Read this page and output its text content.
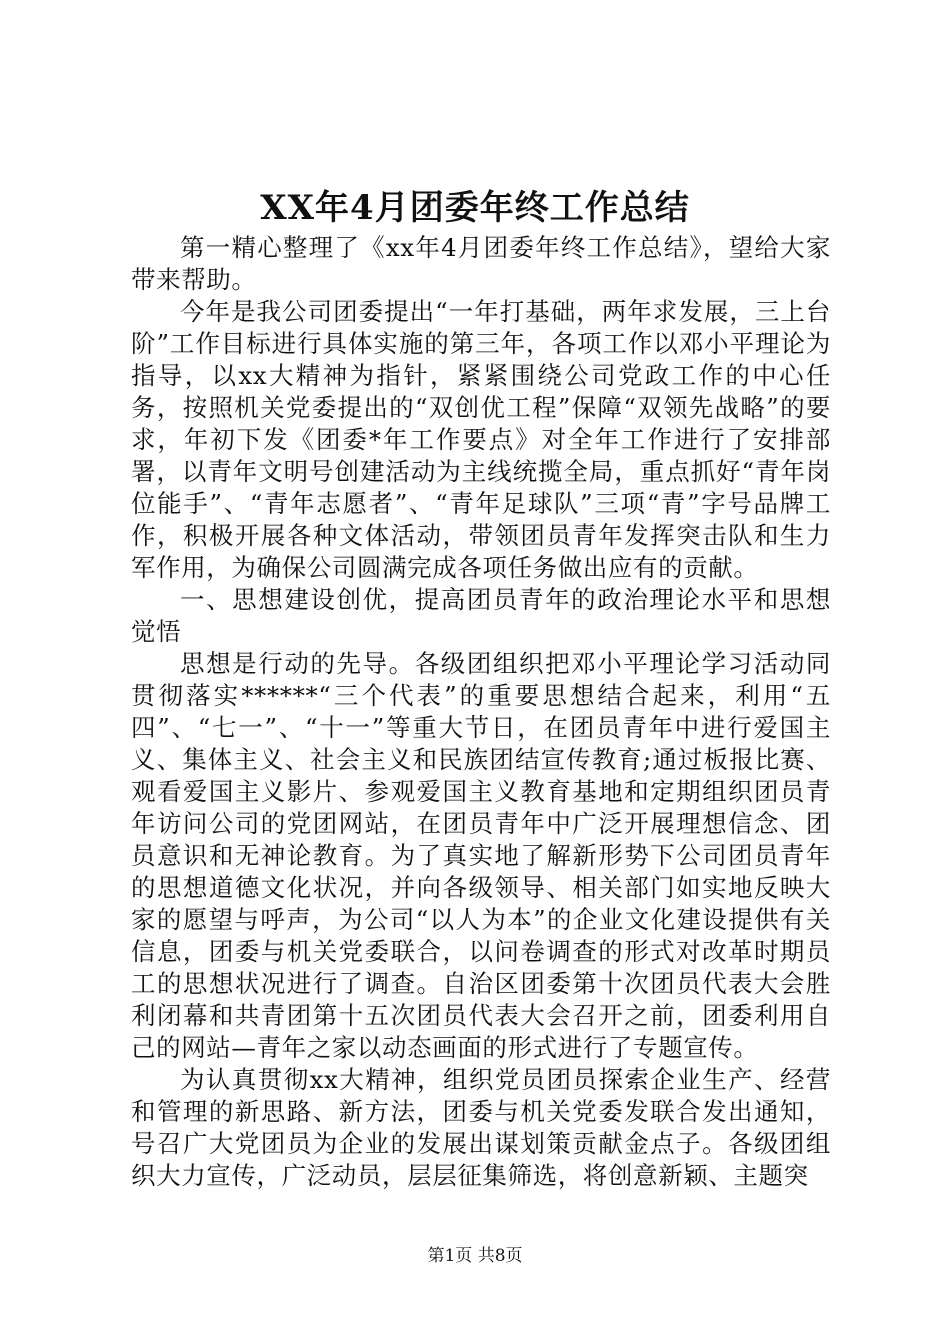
XX年4月团委年终工作总结

第一精心整理了《xx年4月团委年终工作总结》，望给大家带来帮助。

今年是我公司团委提出“一年打基础，两年求发展，三上台阶”工作目标进行具体实施的第三年，各项工作以邓小平理论为指导，以xx大精神为指针，紧紧围绕公司党政工作的中心任务，按照机关党委提出的“双创优工程”保障“双领先战略”的要求，年初下发《团委*年工作要点》对全年工作进行了安排部署，以青年文明号创建活动为主线统揽全局，重点抓好“青年岗位能手”、“青年志愿者”、“青年足球队”三项“青”字号品牌工作，积极开展各种文体活动，带领团员青年发挥突击队和生力军作用，为确保公司圆满完成各项任务做出应有的贡献。

一、思想建设创优，提高团员青年的政治理论水平和思想觉悟

思想是行动的先导。各级团组织把邓小平理论学习活动同贯彻落实******“三个代表”的重要思想结合起来，利用“五四”、“七一”、“十一”等重大节日，在团员青年中进行爱国主义、集体主义、社会主义和民族团结宣传教育;通过板报比赛、观看爱国主义影片、参观爱国主义教育基地和定期组织团员青年访问公司的党团网站，在团员青年中广泛开展理想信念、团员意识和无神论教育。为了真实地了解新形势下公司团员青年的思想道德文化状况，并向各级领导、相关部门如实地反映大家的愿望与呼声，为公司“以人为本”的企业文化建设提供有关信息，团委与机关党委联合，以问卷调查的形式对改革时期员工的思想状况进行了调查。自治区团委第十次团员代表大会胜利闭幕和共青团第十五次团员代表大会召开之前，团委利用自己的网站—青年之家以动态画面的形式进行了专题宣传。

为认真贯彻xx大精神，组织党员团员探索企业生产、经营和管理的新思路、新方法，团委与机关党委发联合发出通知，号召广大党团员为企业的发展出谋划策贡献金点子。各级团组织大力宣传，广泛动员，层层征集筛选，将创意新颖、主题突

第1页 共8页
